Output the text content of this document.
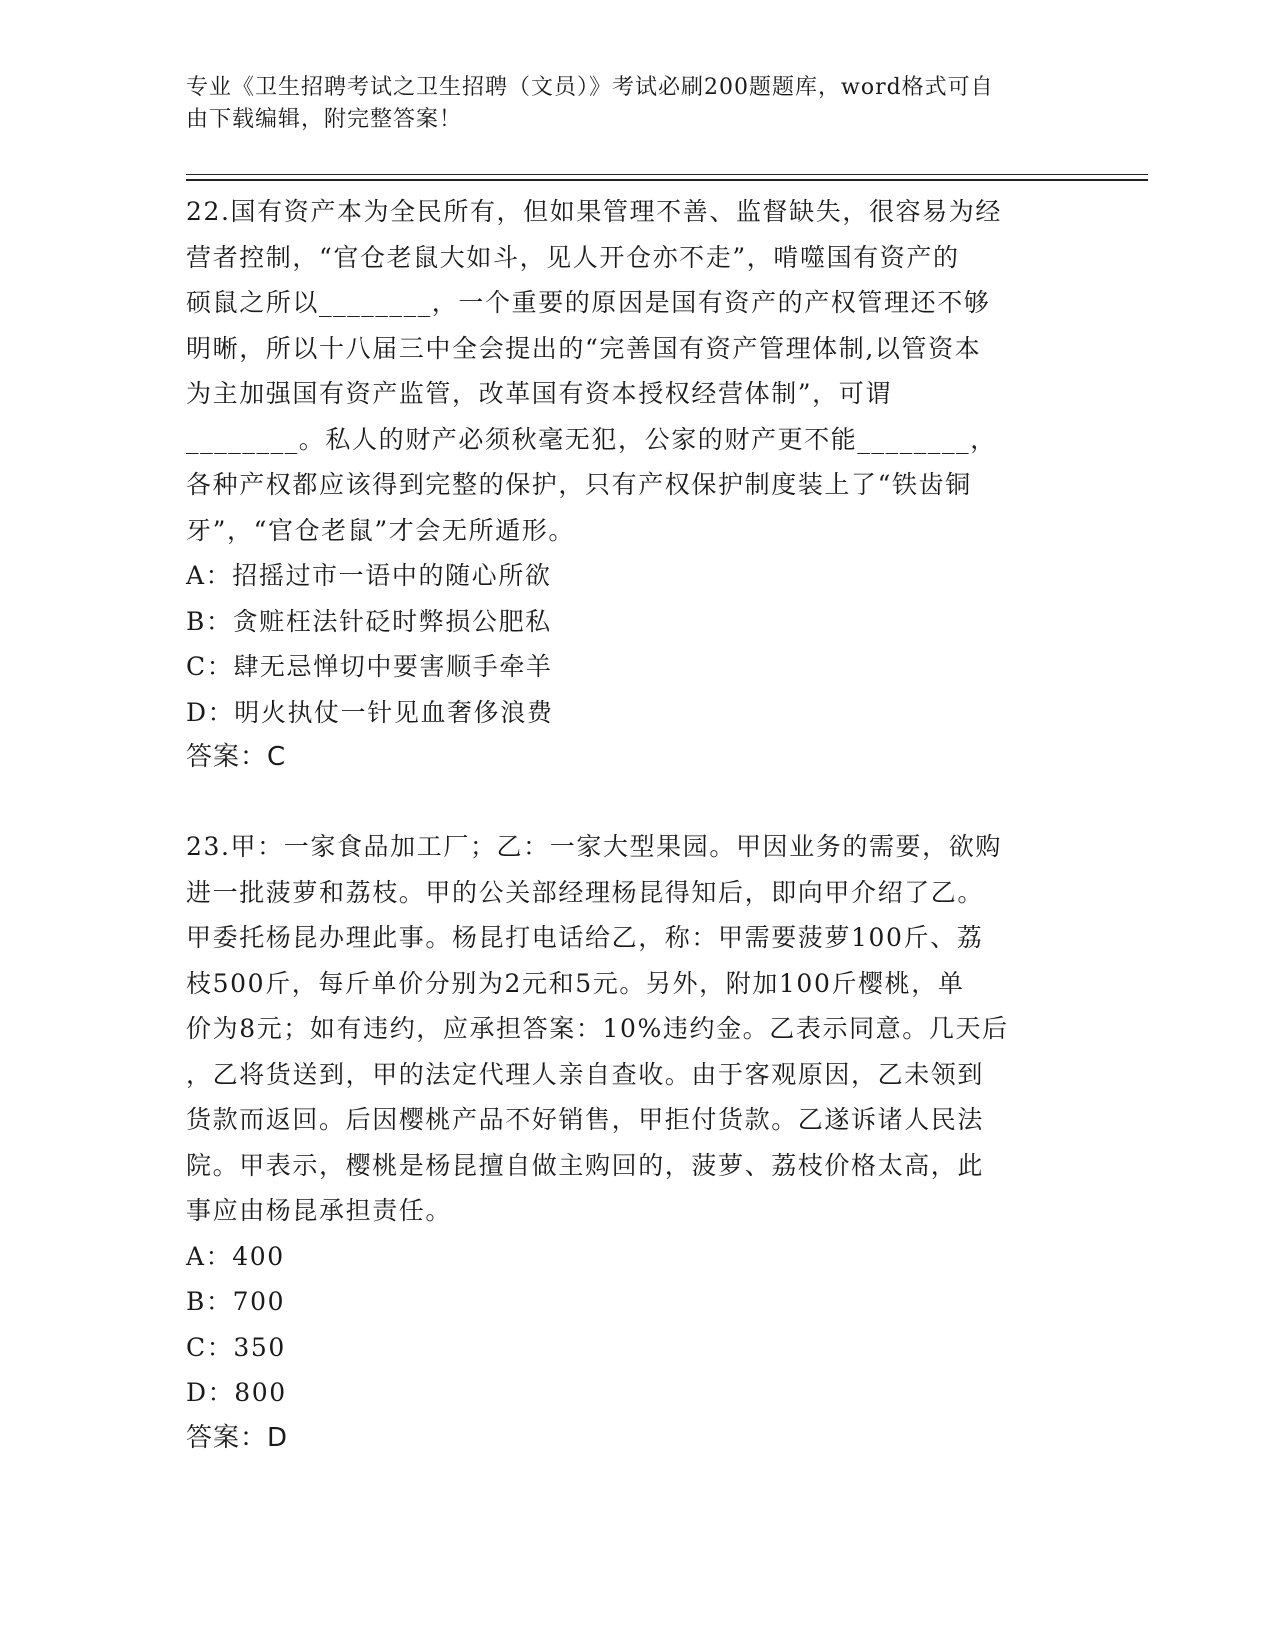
专业《卫生招聘考试之卫生招聘（文员）》考试必刷200题题库，word格式可自
由下载编辑，附完整答案！
22.国有资产本为全民所有，但如果管理不善、监督缺失，很容易为经
营者控制，“官仓老鼠大如斗，见人开仓亦不走”，啃噬国有资产的
硕鼠之所以________，一个重要的原因是国有资产的产权管理还不够
明晰，所以十八届三中全会提出的“完善国有资产管理体制,以管资本
为主加强国有资产监管，改革国有资本授权经营体制”，可谓
________。私人的财产必须秋毫无犯，公家的财产更不能________，
各种产权都应该得到完整的保护，只有产权保护制度装上了“铁齿铜
牙”，“官仓老鼠”才会无所遁形。
A：招摇过市一语中的随心所欲
B：贪赃枉法针砭时弊损公肥私
C：肆无忌惮切中要害顺手牵羊
D：明火执仗一针见血奢侈浪费
答案：C
23.甲：一家食品加工厂；乙：一家大型果园。甲因业务的需要，欲购
进一批菠萝和荔枝。甲的公关部经理杨昆得知后，即向甲介绍了乙。
甲委托杨昆办理此事。杨昆打电话给乙，称：甲需要菠萝100斤、荔
枝500斤，每斤单价分别为2元和5元。另外，附加100斤樱桃，单
价为8元；如有违约，应承担答案：10%违约金。乙表示同意。几天后
，乙将货送到，甲的法定代理人亲自查收。由于客观原因，乙未领到
货款而返回。后因樱桃产品不好销售，甲拒付货款。乙遂诉诸人民法
院。甲表示，樱桃是杨昆擅自做主购回的，菠萝、荔枝价格太高，此
事应由杨昆承担责任。
A：400
B：700
C：350
D：800
答案：D
